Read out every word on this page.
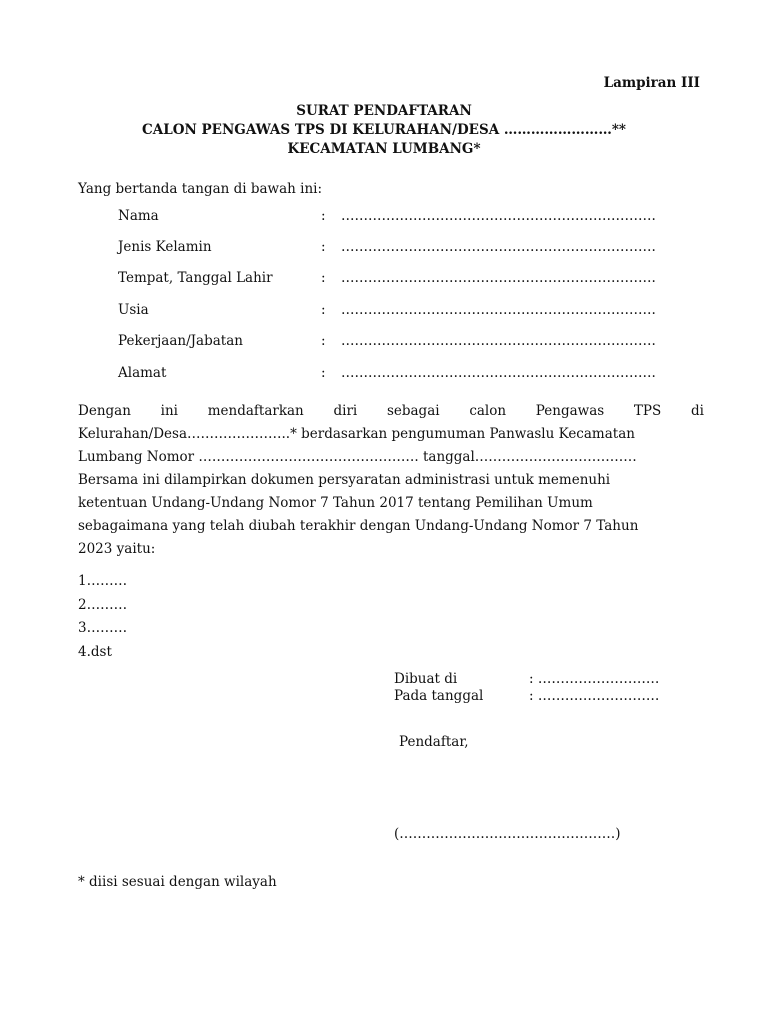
Lampiran III
SURAT PENDAFTARAN
CALON PENGAWAS TPS DI KELURAHAN/DESA ……………………**
KECAMATAN LUMBANG*
Yang bertanda tangan di bawah ini:
Nama	:	…………………………………………………………….
Jenis Kelamin	:	…………………………………………………………….
Tempat, Tanggal Lahir	:	…………………………………………………………….
Usia	:	…………………………………………………………….
Pekerjaan/Jabatan	:	…………………………………………………………….
Alamat	:	…………………………………………………………….
Dengan ini mendaftarkan diri sebagai calon Pengawas TPS di
Kelurahan/Desa…………………..* berdasarkan pengumuman Panwaslu Kecamatan
Lumbang Nomor …………………………………………. tanggal………………………………
Bersama ini dilampirkan dokumen persyaratan administrasi untuk memenuhi
ketentuan Undang-Undang Nomor 7 Tahun 2017 tentang Pemilihan Umum
sebagaimana yang telah diubah terakhir dengan Undang-Undang Nomor 7 Tahun
2023 yaitu:
1………
2………
3………
4.dst
Dibuat di	: ………………………
Pada tanggal	: ………………………
Pendaftar,
(…………………………………………)
* diisi sesuai dengan wilayah
